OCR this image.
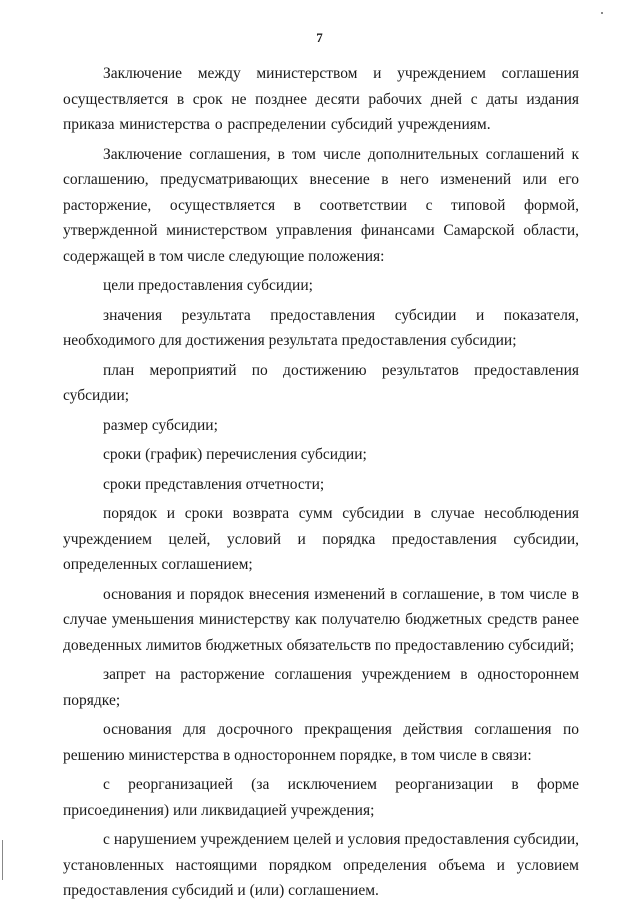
7

Заключение между министерством и учреждением соглашения осуществляется в срок не позднее десяти рабочих дней с даты издания приказа министерства о распределении субсидий учреждениям.

Заключение соглашения, в том числе дополнительных соглашений к соглашению, предусматривающих внесение в него изменений или его расторжение, осуществляется в соответствии с типовой формой, утвержденной министерством управления финансами Самарской области, содержащей в том числе следующие положения:

цели предоставления субсидии;

значения результата предоставления субсидии и показателя, необходимого для достижения результата предоставления субсидии;

план мероприятий по достижению результатов предоставления субсидии;

размер субсидии;

сроки (график) перечисления субсидии;

сроки представления отчетности;

порядок и сроки возврата сумм субсидии в случае несоблюдения учреждением целей, условий и порядка предоставления субсидии, определенных соглашением;

основания и порядок внесения изменений в соглашение, в том числе в случае уменьшения министерству как получателю бюджетных средств ранее доведенных лимитов бюджетных обязательств по предоставлению субсидий;

запрет на расторжение соглашения учреждением в одностороннем порядке;

основания для досрочного прекращения действия соглашения по решению министерства в одностороннем порядке, в том числе в связи:

с реорганизацией (за исключением реорганизации в форме присоединения) или ликвидацией учреждения;

с нарушением учреждением целей и условия предоставления субсидии, установленных настоящими порядком определения объема и условием предоставления субсидий и (или) соглашением.
